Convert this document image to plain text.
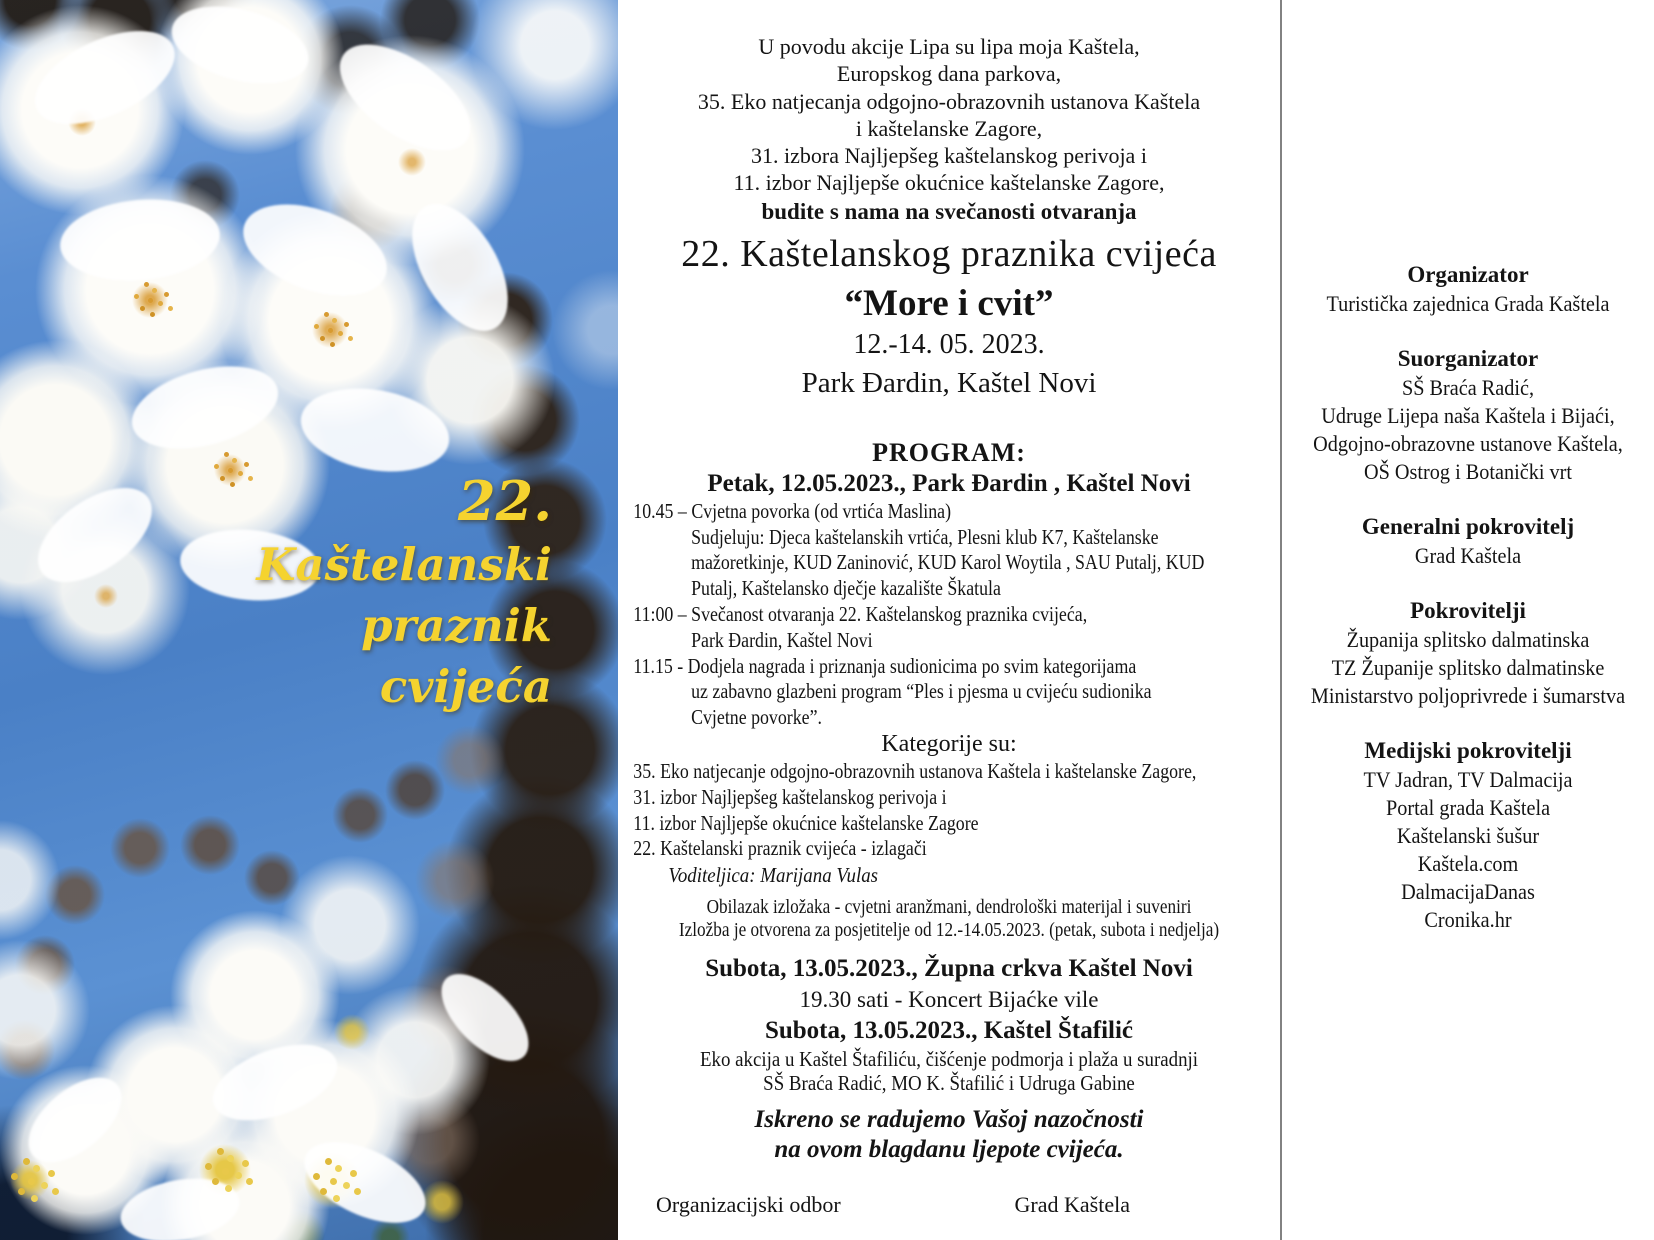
22.
Kaštelanski
praznik
cvijeća
U povodu akcije Lipa su lipa moja Kaštela,
Europskog dana parkova,
35. Eko natjecanja odgojno-obrazovnih ustanova Kaštela
i kaštelanske Zagore,
31. izbora Najljepšeg kaštelanskog perivoja i
11. izbor Najljepše okućnice kaštelanske Zagore,
budite s nama na svečanosti otvaranja
22. Kaštelanskog praznika cvijeća
“More i cvit”
12.-14. 05. 2023.
Park Đardin, Kaštel Novi
PROGRAM:
Petak, 12.05.2023., Park Đardin , Kaštel Novi
10.45 – Cvjetna povorka (od vrtića Maslina)
Sudjeluju: Djeca kaštelanskih vrtića, Plesni klub K7, Kaštelanske
mažoretkinje, KUD Zaninović, KUD Karol Woytila , SAU Putalj, KUD
Putalj, Kaštelansko dječje kazalište Škatula
11:00 – Svečanost otvaranja 22. Kaštelanskog praznika cvijeća,
Park Đardin, Kaštel Novi
11.15 - Dodjela nagrada i priznanja sudionicima po svim kategorijama
uz zabavno glazbeni program “Ples i pjesma u cvijeću sudionika
Cvjetne povorke”.
Kategorije su:
35. Eko natjecanje odgojno-obrazovnih ustanova Kaštela i kaštelanske Zagore,
31. izbor Najljepšeg kaštelanskog perivoja i
11. izbor Najljepše okućnice kaštelanske Zagore
22. Kaštelanski praznik cvijeća - izlagači
Voditeljica: Marijana Vulas
Obilazak izložaka - cvjetni aranžmani, dendrološki materijal i suveniri
Izložba je otvorena za posjetitelje od 12.-14.05.2023. (petak, subota i nedjelja)
Subota, 13.05.2023., Župna crkva Kaštel Novi
19.30 sati - Koncert Bijaćke vile
Subota, 13.05.2023., Kaštel Štafilić
Eko akcija u Kaštel Štafiliću, čišćenje podmorja i plaža u suradnji
SŠ Braća Radić, MO K. Štafilić i Udruga Gabine
Iskreno se radujemo Vašoj nazočnosti
na ovom blagdanu ljepote cvijeća.
Organizacijski odbor	Grad Kaštela
Organizator
Turistička zajednica Grada Kaštela
Suorganizator
SŠ Braća Radić,
Udruge Lijepa naša Kaštela i Bijaći,
Odgojno-obrazovne ustanove Kaštela,
OŠ Ostrog i Botanički vrt
Generalni pokrovitelj
Grad Kaštela
Pokrovitelji
Županija splitsko dalmatinska
TZ Županije splitsko dalmatinske
Ministarstvo poljoprivrede i šumarstva
Medijski pokrovitelji
TV Jadran, TV Dalmacija
Portal grada Kaštela
Kaštelanski šušur
Kaštela.com
DalmacijaDanas
Cronika.hr
